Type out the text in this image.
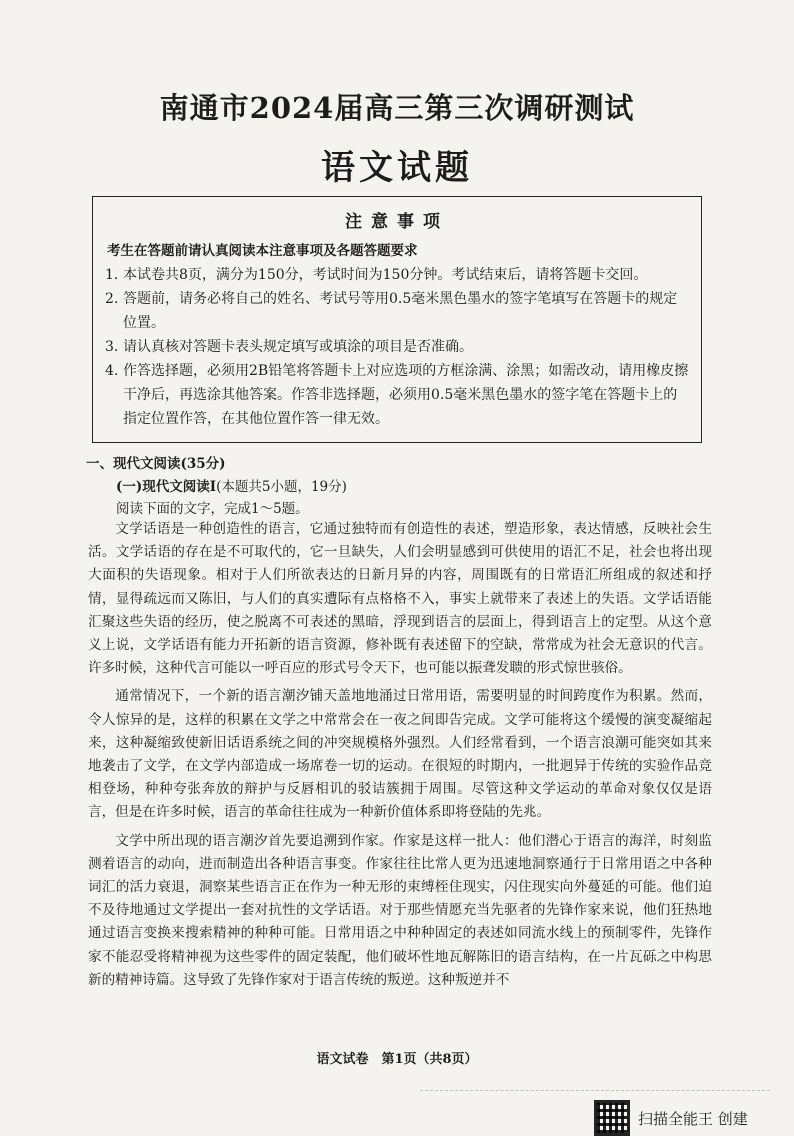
南通市2024届高三第三次调研测试
语文试题
注意事项
考生在答题前请认真阅读本注意事项及各题答题要求
1. 本试卷共8页，满分为150分，考试时间为150分钟。考试结束后，请将答题卡交回。
2. 答题前，请务必将自己的姓名、考试号等用0.5毫米黑色墨水的签字笔填写在答题卡的规定位置。
3. 请认真核对答题卡表头规定填写或填涂的项目是否准确。
4. 作答选择题，必须用2B铅笔将答题卡上对应选项的方框涂满、涂黑；如需改动，请用橡皮擦干净后，再选涂其他答案。作答非选择题，必须用0.5毫米黑色墨水的签字笔在答题卡上的指定位置作答，在其他位置作答一律无效。
一、现代文阅读(35分)
(一)现代文阅读Ⅰ(本题共5小题，19分)
阅读下面的文字，完成1～5题。

文学话语是一种创造性的语言，它通过独特而有创造性的表述，塑造形象，表达情感，反映社会生活。文学话语的存在是不可取代的，它一旦缺失，人们会明显感到可供使用的语汇不足，社会也将出现大面积的失语现象。相对于人们所欲表达的日新月异的内容，周围既有的日常语汇所组成的叙述和抒情，显得疏远而又陈旧，与人们的真实遭际有点格格不入，事实上就带来了表述上的失语。文学话语能汇聚这些失语的经历，使之脱离不可表述的黑暗，浮现到语言的层面上，得到语言上的定型。从这个意义上说，文学话语有能力开拓新的语言资源，修补既有表述留下的空缺，常常成为社会无意识的代言。许多时候，这种代言可能以一呼百应的形式号令天下，也可能以振聋发聩的形式惊世骇俗。

通常情况下，一个新的语言潮汐铺天盖地地涌过日常用语，需要明显的时间跨度作为积累。然而，令人惊异的是，这样的积累在文学之中常常会在一夜之间即告完成。文学可能将这个缓慢的演变凝缩起来，这种凝缩致使新旧话语系统之间的冲突规模格外强烈。人们经常看到，一个语言浪潮可能突如其来地袭击了文学，在文学内部造成一场席卷一切的运动。在很短的时期内，一批迥异于传统的实验作品竞相登场，种种夸张奔放的辩护与反唇相讥的驳诘簇拥于周围。尽管这种文学运动的革命对象仅仅是语言，但是在许多时候，语言的革命往往成为一种新价值体系即将登陆的先兆。

文学中所出现的语言潮汐首先要追溯到作家。作家是这样一批人：他们潜心于语言的海洋，时刻监测着语言的动向，进而制造出各种语言事变。作家往往比常人更为迅速地洞察通行于日常用语之中各种词汇的活力衰退，洞察某些语言正在作为一种无形的束缚桎住现实，闪住现实向外蔓延的可能。他们迫不及待地通过文学提出一套对抗性的文学话语。对于那些情愿充当先驱者的先锋作家来说，他们狂热地通过语言变换来搜索精神的种种可能。日常用语之中种种固定的表述如同流水线上的预制零件，先锋作家不能忍受将精神视为这些零件的固定装配，他们破坏性地瓦解陈旧的语言结构，在一片瓦砾之中构思新的精神诗篇。这导致了先锋作家对于语言传统的叛逆。这种叛逆并不

语文试卷　第1页（共8页）
扫描全能王 创建
